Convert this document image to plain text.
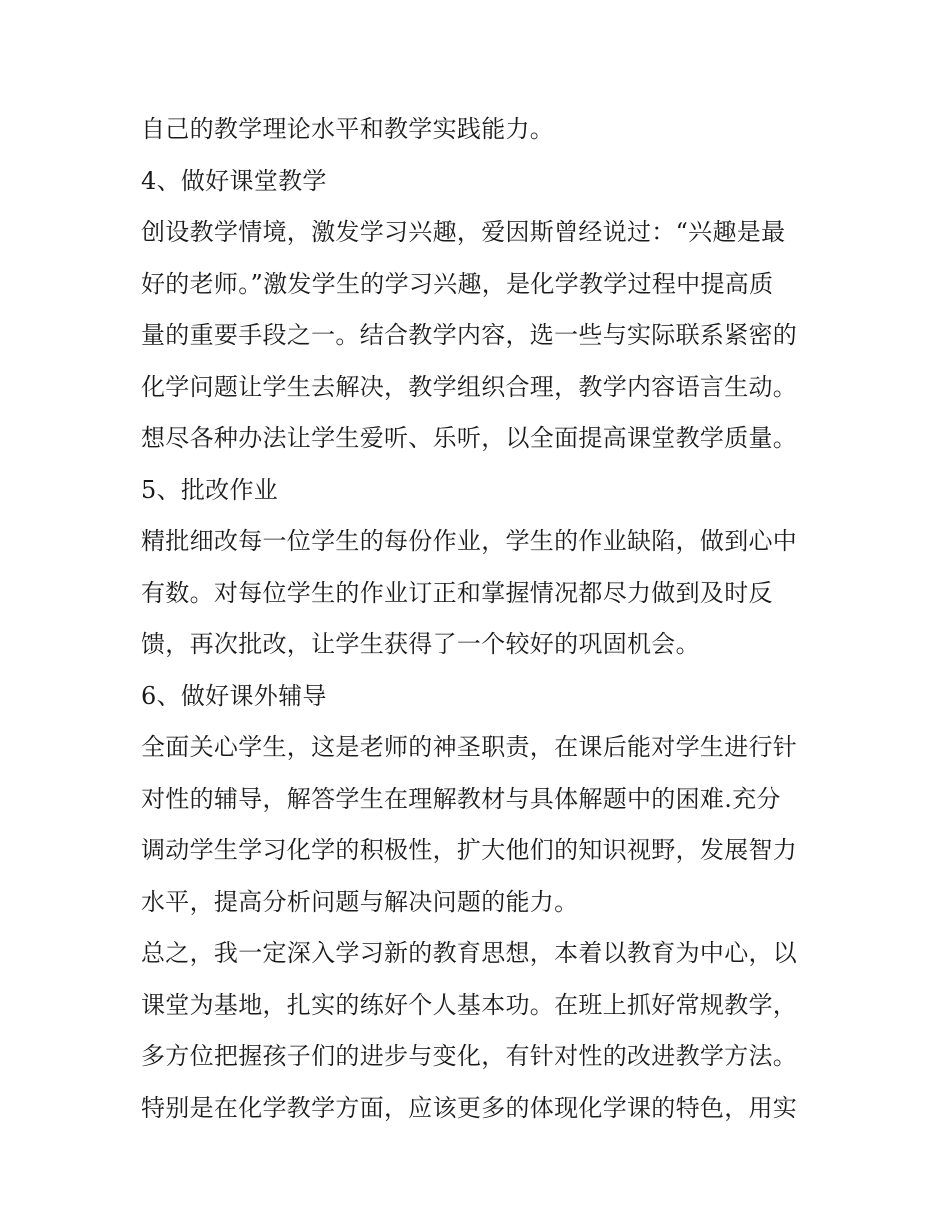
自己的教学理论水平和教学实践能力。
4、做好课堂教学
创设教学情境，激发学习兴趣，爱因斯曾经说过：“兴趣是最
好的老师。”激发学生的学习兴趣，是化学教学过程中提高质
量的重要手段之一。结合教学内容，选一些与实际联系紧密的
化学问题让学生去解决，教学组织合理，教学内容语言生动。
想尽各种办法让学生爱听、乐听，以全面提高课堂教学质量。
5、批改作业
精批细改每一位学生的每份作业，学生的作业缺陷，做到心中
有数。对每位学生的作业订正和掌握情况都尽力做到及时反
馈，再次批改，让学生获得了一个较好的巩固机会。
6、做好课外辅导
全面关心学生，这是老师的神圣职责，在课后能对学生进行针
对性的辅导，解答学生在理解教材与具体解题中的困难.充分
调动学生学习化学的积极性，扩大他们的知识视野，发展智力
水平，提高分析问题与解决问题的能力。
总之，我一定深入学习新的教育思想，本着以教育为中心，以
课堂为基地，扎实的练好个人基本功。在班上抓好常规教学，
多方位把握孩子们的进步与变化，有针对性的改进教学方法。
特别是在化学教学方面，应该更多的体现化学课的特色，用实
